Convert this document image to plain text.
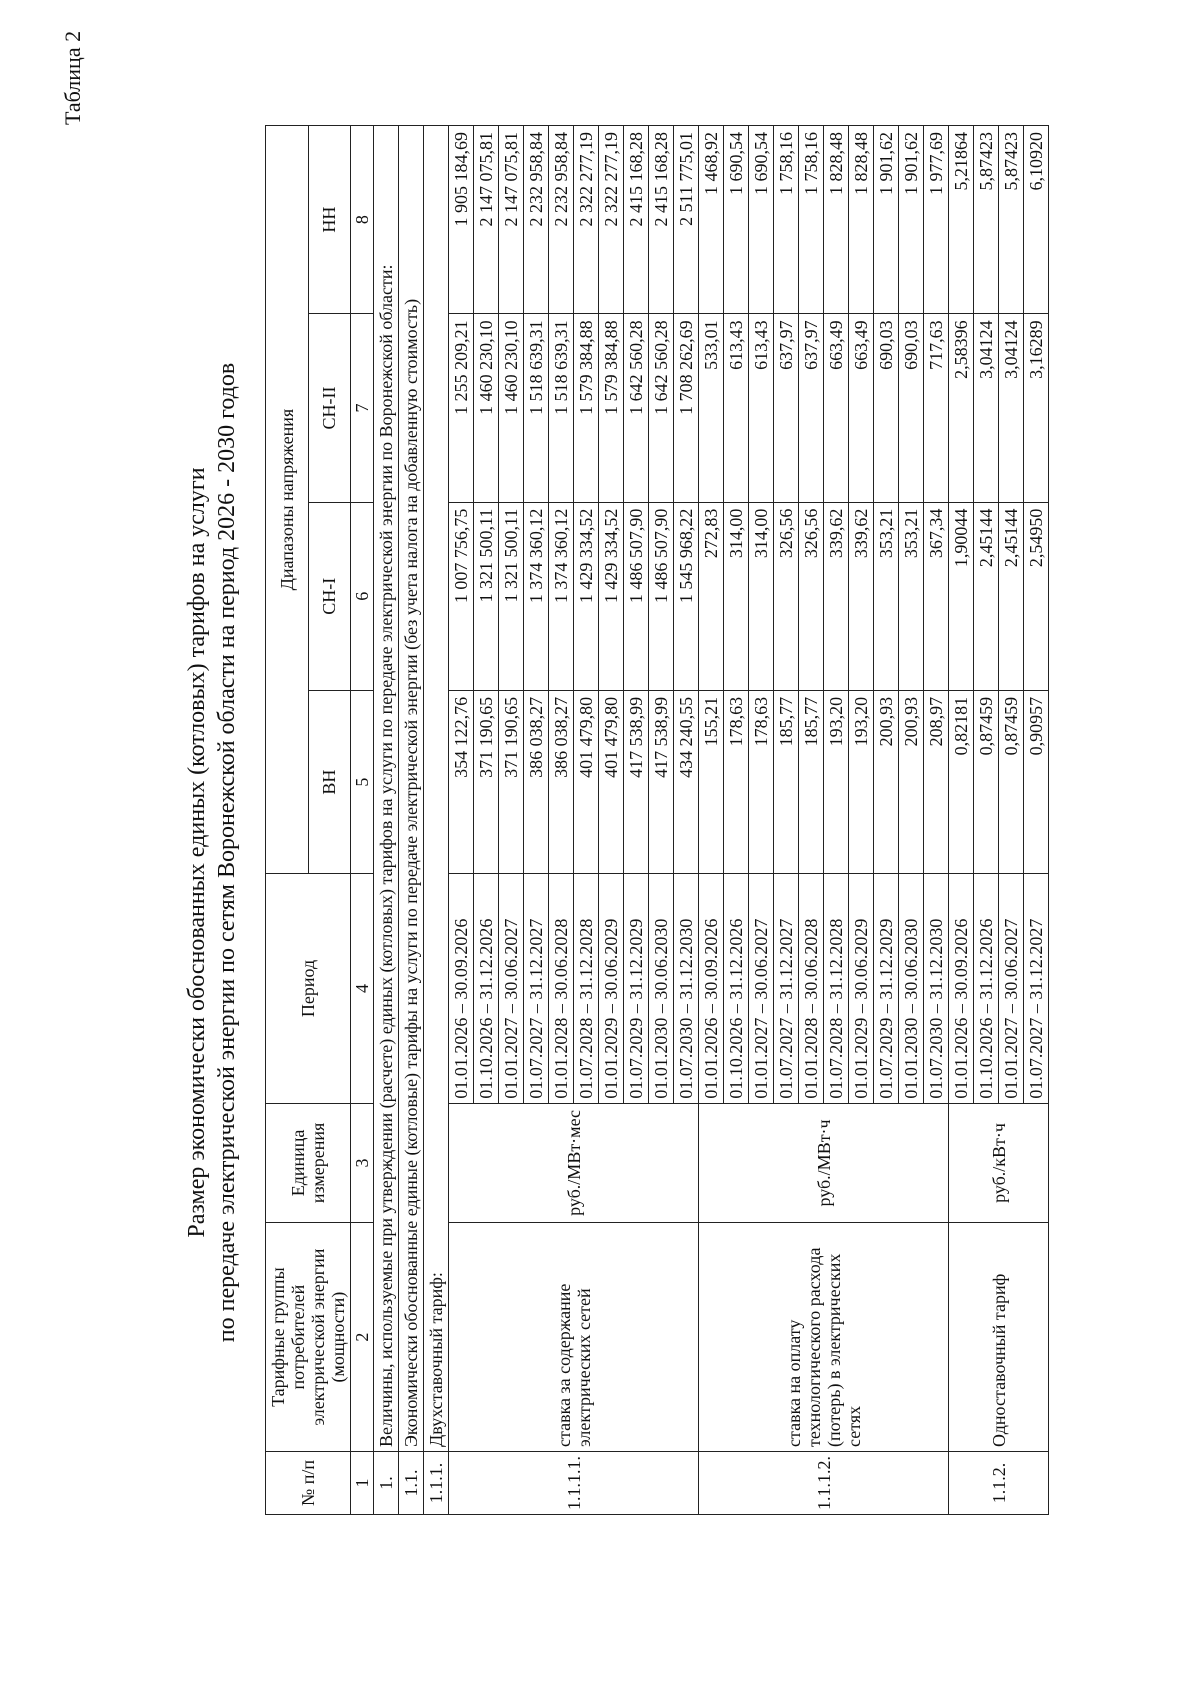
Таблица 2
Размер экономически обоснованных единых (котловых) тарифов на услуги по передаче электрической энергии по сетям Воронежской области на период 2026 - 2030 годов
№ п/п	Тарифные группы потребителей электрической энергии (мощности)	Единица измерения	Период	Диапазоны напряжения			
				ВН	СН-I	СН-II	НН
1	2	3	4	5	6	7	8
1.	Величины, используемые при утверждении (расчете) единых (котловых) тарифов на услуги по передаче электрической энергии по Воронежской области:						
1.1.	Экономически обоснованные единые (котловые) тарифы на услуги по передаче электрической энергии (без учета налога на добавленную стоимость)						
1.1.1.	Двухставочный тариф:						
1.1.1.1.	ставка за содержание электрических сетей	руб./МВт·мес	01.01.2026 – 30.09.2026	354 122,76	1 007 756,75	1 255 209,21	1 905 184,69
			01.10.2026 – 31.12.2026	371 190,65	1 321 500,11	1 460 230,10	2 147 075,81
			01.01.2027 – 30.06.2027	371 190,65	1 321 500,11	1 460 230,10	2 147 075,81
			01.07.2027 – 31.12.2027	386 038,27	1 374 360,12	1 518 639,31	2 232 958,84
			01.01.2028 – 30.06.2028	386 038,27	1 374 360,12	1 518 639,31	2 232 958,84
			01.07.2028 – 31.12.2028	401 479,80	1 429 334,52	1 579 384,88	2 322 277,19
			01.01.2029 – 30.06.2029	401 479,80	1 429 334,52	1 579 384,88	2 322 277,19
			01.07.2029 – 31.12.2029	417 538,99	1 486 507,90	1 642 560,28	2 415 168,28
			01.01.2030 – 30.06.2030	417 538,99	1 486 507,90	1 642 560,28	2 415 168,28
			01.07.2030 – 31.12.2030	434 240,55	1 545 968,22	1 708 262,69	2 511 775,01
1.1.1.2.	ставка на оплату технологического расхода (потерь) в электрических сетях	руб./МВт·ч	01.01.2026 – 30.09.2026	155,21	272,83	533,01	1 468,92
			01.10.2026 – 31.12.2026	178,63	314,00	613,43	1 690,54
			01.01.2027 – 30.06.2027	178,63	314,00	613,43	1 690,54
			01.07.2027 – 31.12.2027	185,77	326,56	637,97	1 758,16
			01.01.2028 – 30.06.2028	185,77	326,56	637,97	1 758,16
			01.07.2028 – 31.12.2028	193,20	339,62	663,49	1 828,48
			01.01.2029 – 30.06.2029	193,20	339,62	663,49	1 828,48
			01.07.2029 – 31.12.2029	200,93	353,21	690,03	1 901,62
			01.01.2030 – 30.06.2030	200,93	353,21	690,03	1 901,62
			01.07.2030 – 31.12.2030	208,97	367,34	717,63	1 977,69
1.1.2.	Одноставочный тариф	руб./кВт·ч	01.01.2026 – 30.09.2026	0,82181	1,90044	2,58396	5,21864
			01.10.2026 – 31.12.2026	0,87459	2,45144	3,04124	5,87423
			01.01.2027 – 30.06.2027	0,87459	2,45144	3,04124	5,87423
			01.07.2027 – 31.12.2027	0,90957	2,54950	3,16289	6,10920
